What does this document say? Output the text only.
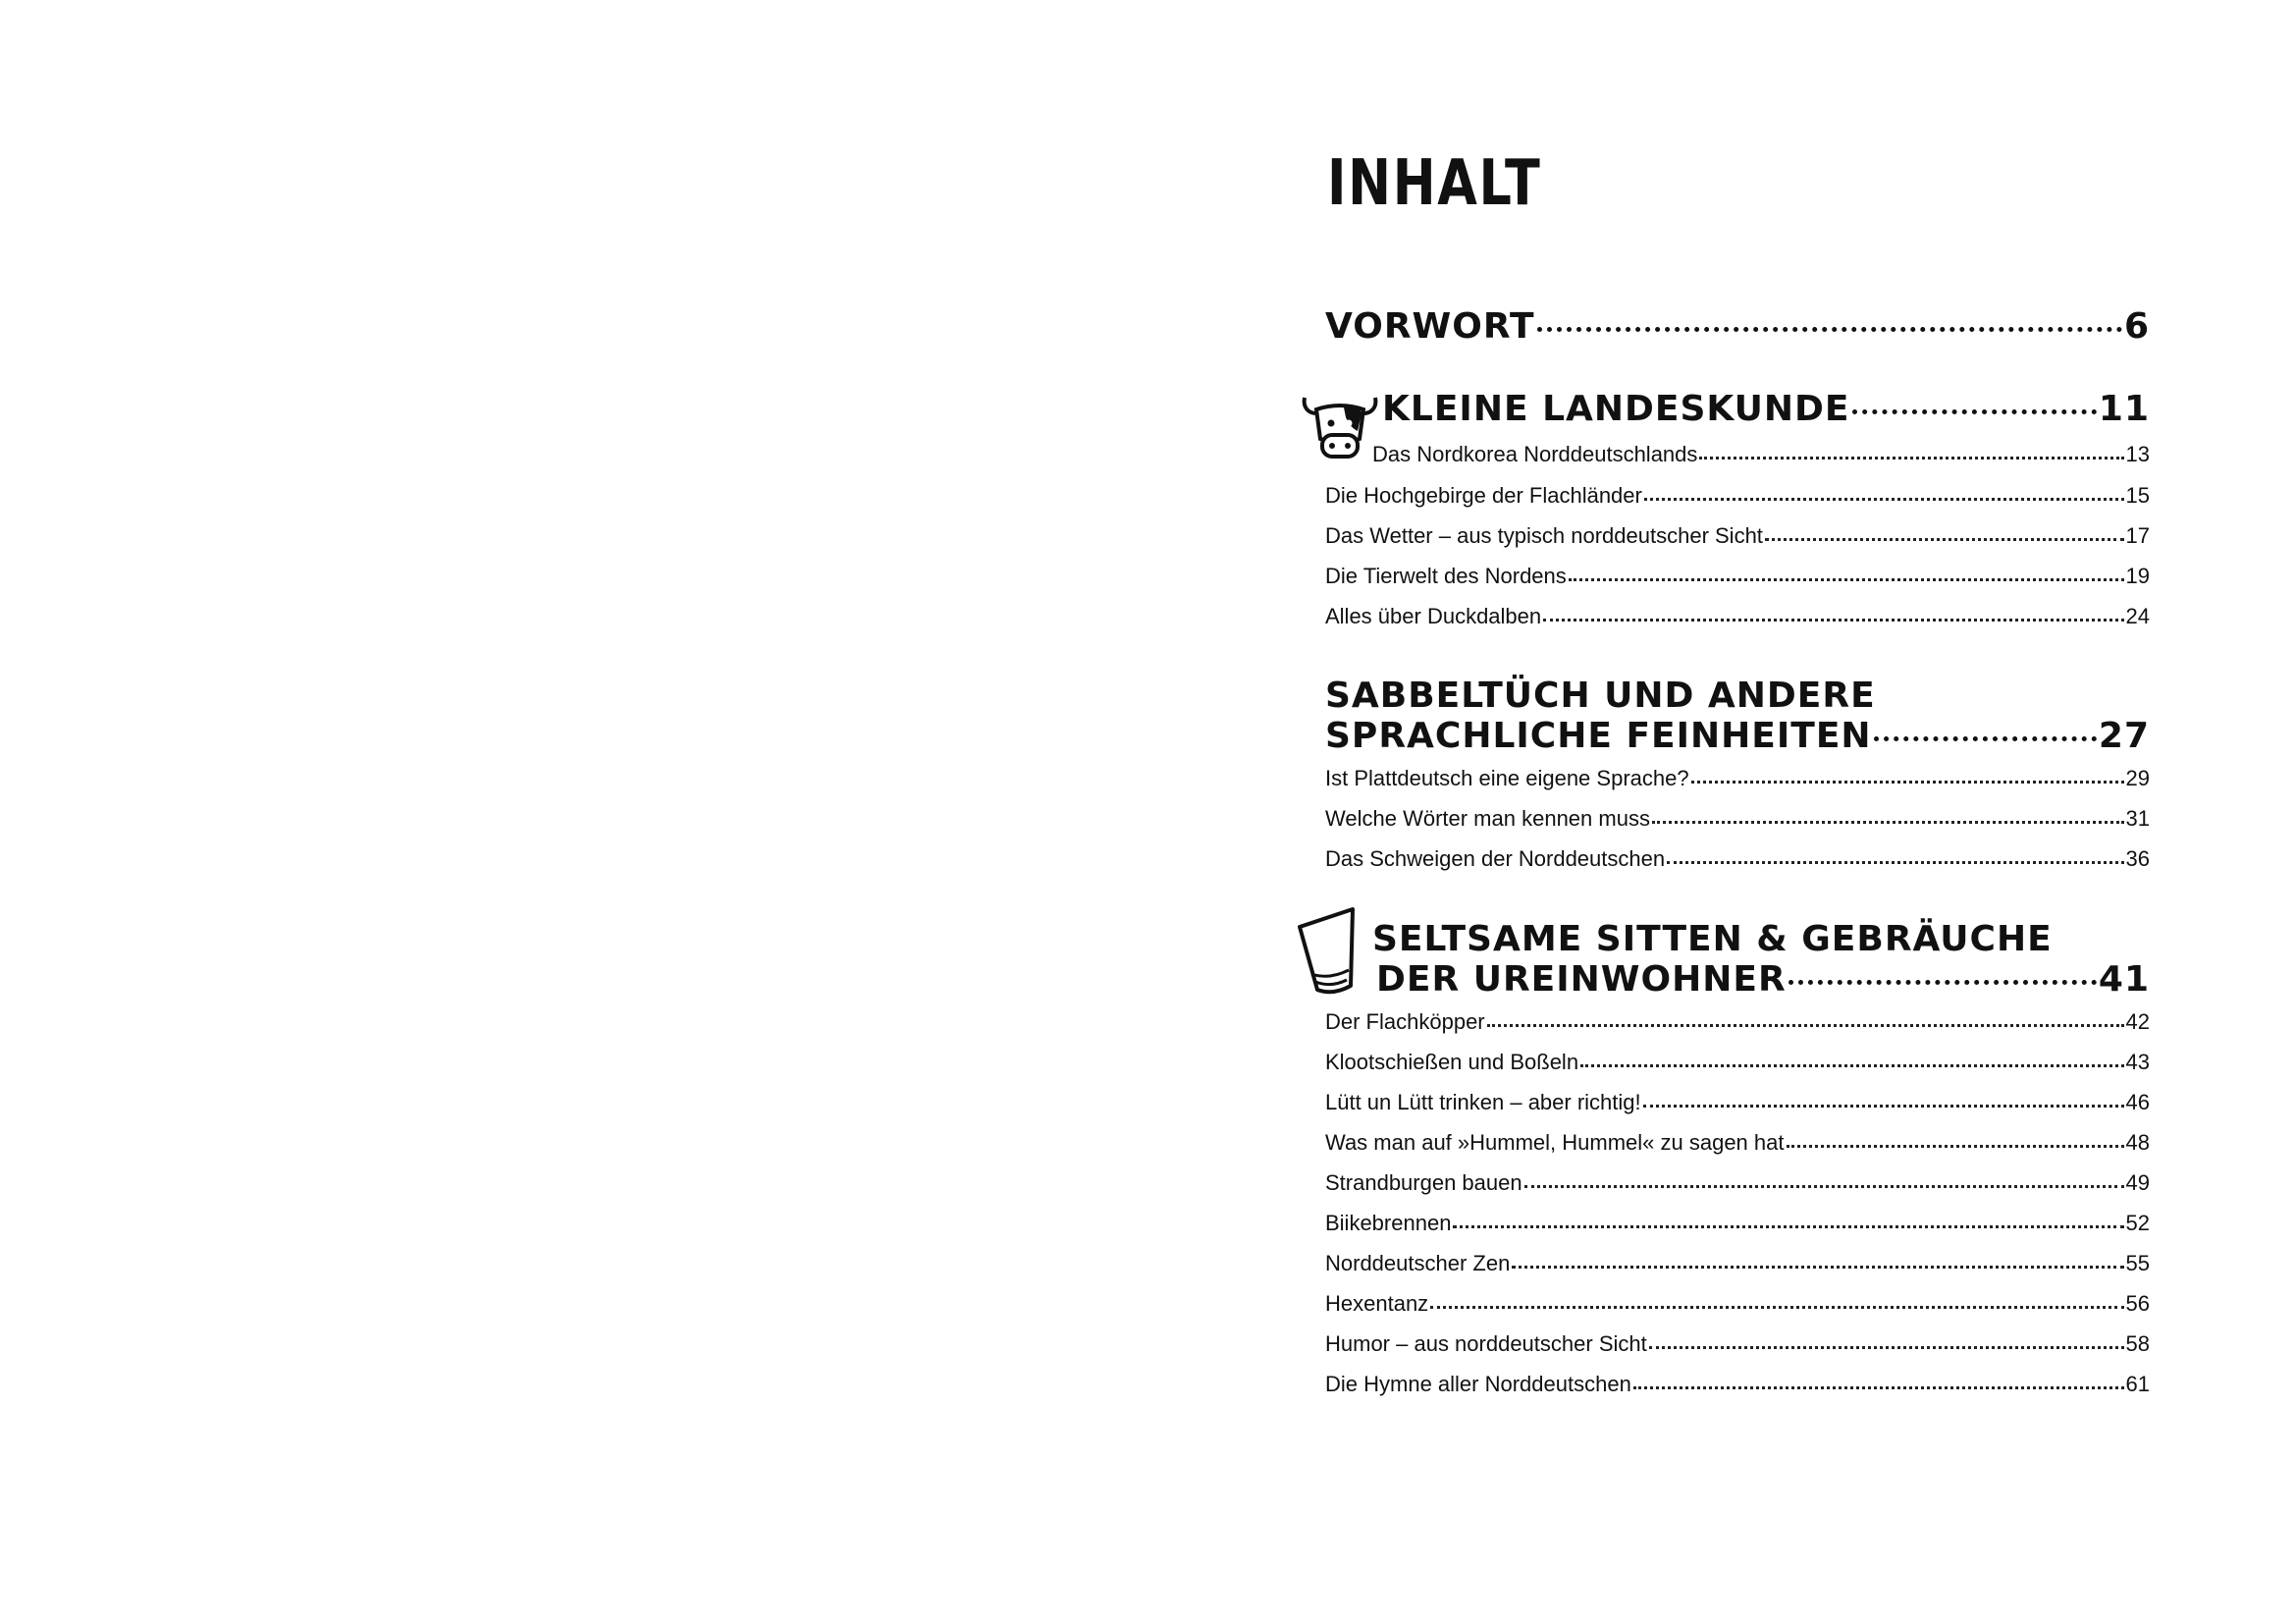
INHALT
VORWORT	6
KLEINE LANDESKUNDE	11
Das Nordkorea Norddeutschlands	13
Die Hochgebirge der Flachländer	15
Das Wetter – aus typisch norddeutscher Sicht	17
Die Tierwelt des Nordens	19
Alles über Duckdalben	24
SABBELTÜCH UND ANDERE
SPRACHLICHE FEINHEITEN	27
Ist Plattdeutsch eine eigene Sprache?	29
Welche Wörter man kennen muss	31
Das Schweigen der Norddeutschen	36
SELTSAME SITTEN & GEBRÄUCHE
DER UREINWOHNER	41
Der Flachköpper	42
Klootschießen und Boßeln	43
Lütt un Lütt trinken – aber richtig!	46
Was man auf »Hummel, Hummel« zu sagen hat	48
Strandburgen bauen	49
Biikebrennen	52
Norddeutscher Zen	55
Hexentanz	56
Humor – aus norddeutscher Sicht	58
Die Hymne aller Norddeutschen	61
